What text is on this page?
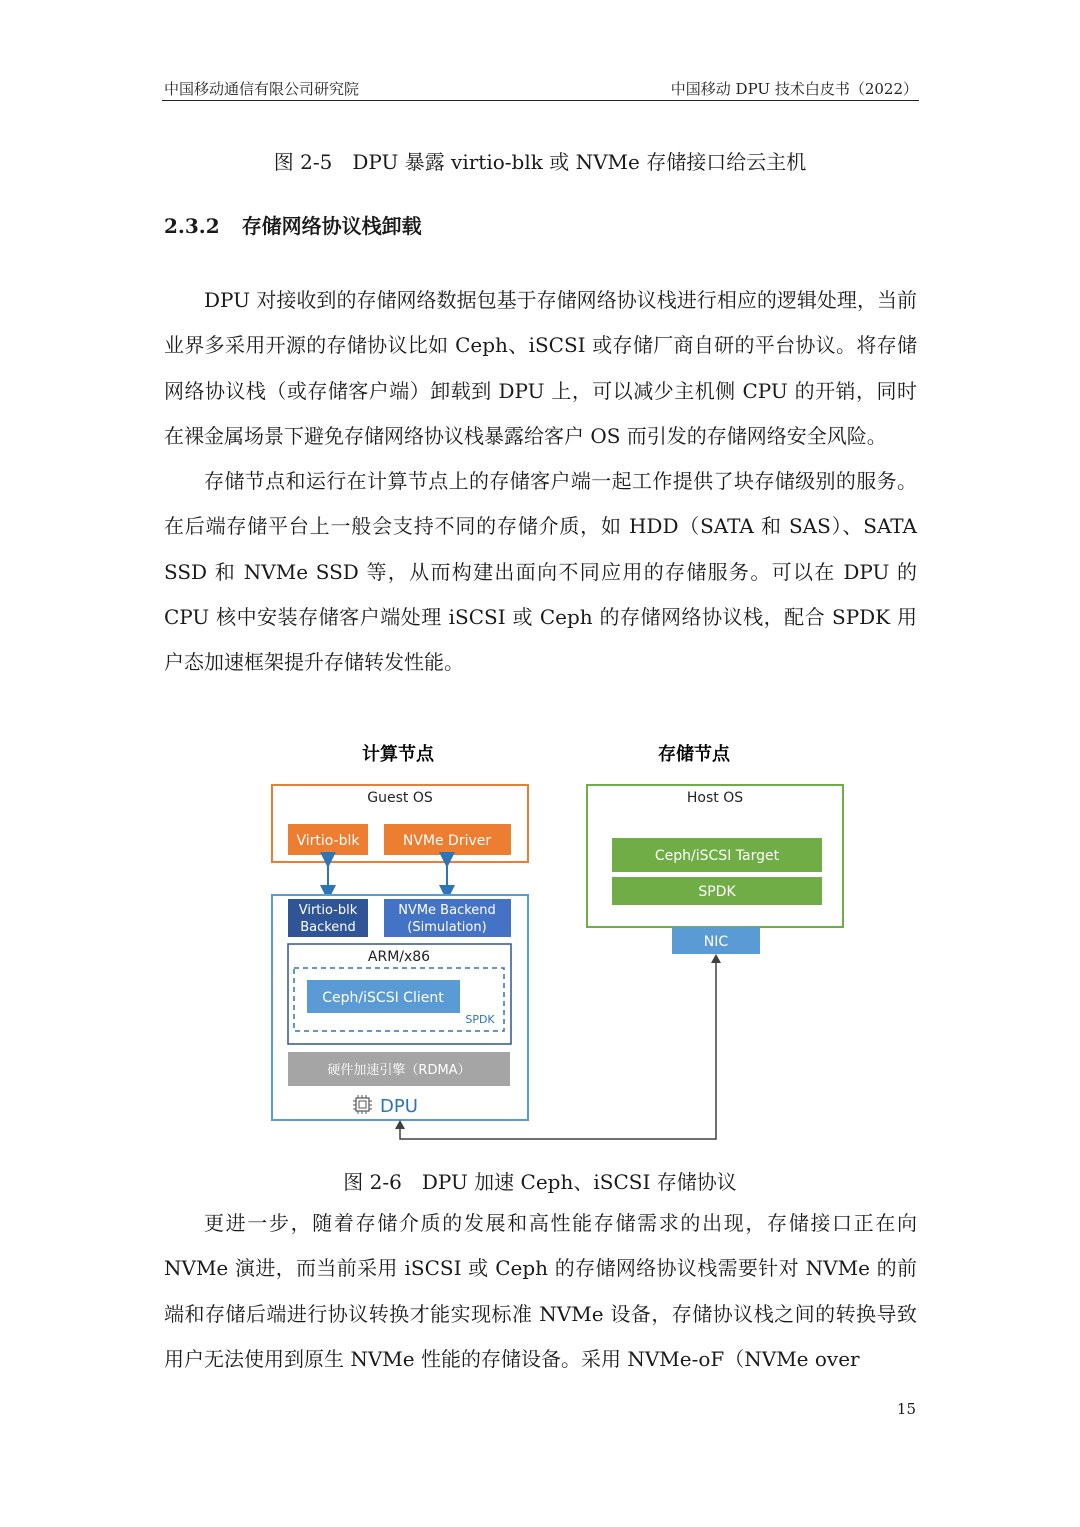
中国移动通信有限公司研究院	中国移动 DPU 技术白皮书（2022）
图 2-5　DPU 暴露 virtio-blk 或 NVMe 存储接口给云主机
2.3.2 存储网络协议栈卸载

DPU 对接收到的存储网络数据包基于存储网络协议栈进行相应的逻辑处理，当前业界多采用开源的存储协议比如 Ceph、iSCSI 或存储厂商自研的平台协议。将存储网络协议栈（或存储客户端）卸载到 DPU 上，可以减少主机侧 CPU 的开销，同时在裸金属场景下避免存储网络协议栈暴露给客户 OS 而引发的存储网络安全风险。

存储节点和运行在计算节点上的存储客户端一起工作提供了块存储级别的服务。在后端存储平台上一般会支持不同的存储介质，如 HDD（SATA 和 SAS）、SATA SSD 和 NVMe SSD 等，从而构建出面向不同应用的存储服务。可以在 DPU 的 CPU 核中安装存储客户端处理 iSCSI 或 Ceph 的存储网络协议栈，配合 SPDK 用户态加速框架提升存储转发性能。

计算节点	存储节点
Guest OS
Virtio-blk	NVMe Driver
Virtio-blk
Backend
NVMe Backend
(Simulation)
ARM/x86
Ceph/iSCSI Client
SPDK
硬件加速引擎（RDMA）
DPU
Host OS
Ceph/iSCSI Target
SPDK
NIC
图 2-6　DPU 加速 Ceph、iSCSI 存储协议

更进一步，随着存储介质的发展和高性能存储需求的出现，存储接口正在向 NVMe 演进，而当前采用 iSCSI 或 Ceph 的存储网络协议栈需要针对 NVMe 的前端和存储后端进行协议转换才能实现标准 NVMe 设备，存储协议栈之间的转换导致用户无法使用到原生 NVMe 性能的存储设备。采用 NVMe-oF（NVMe over

15
